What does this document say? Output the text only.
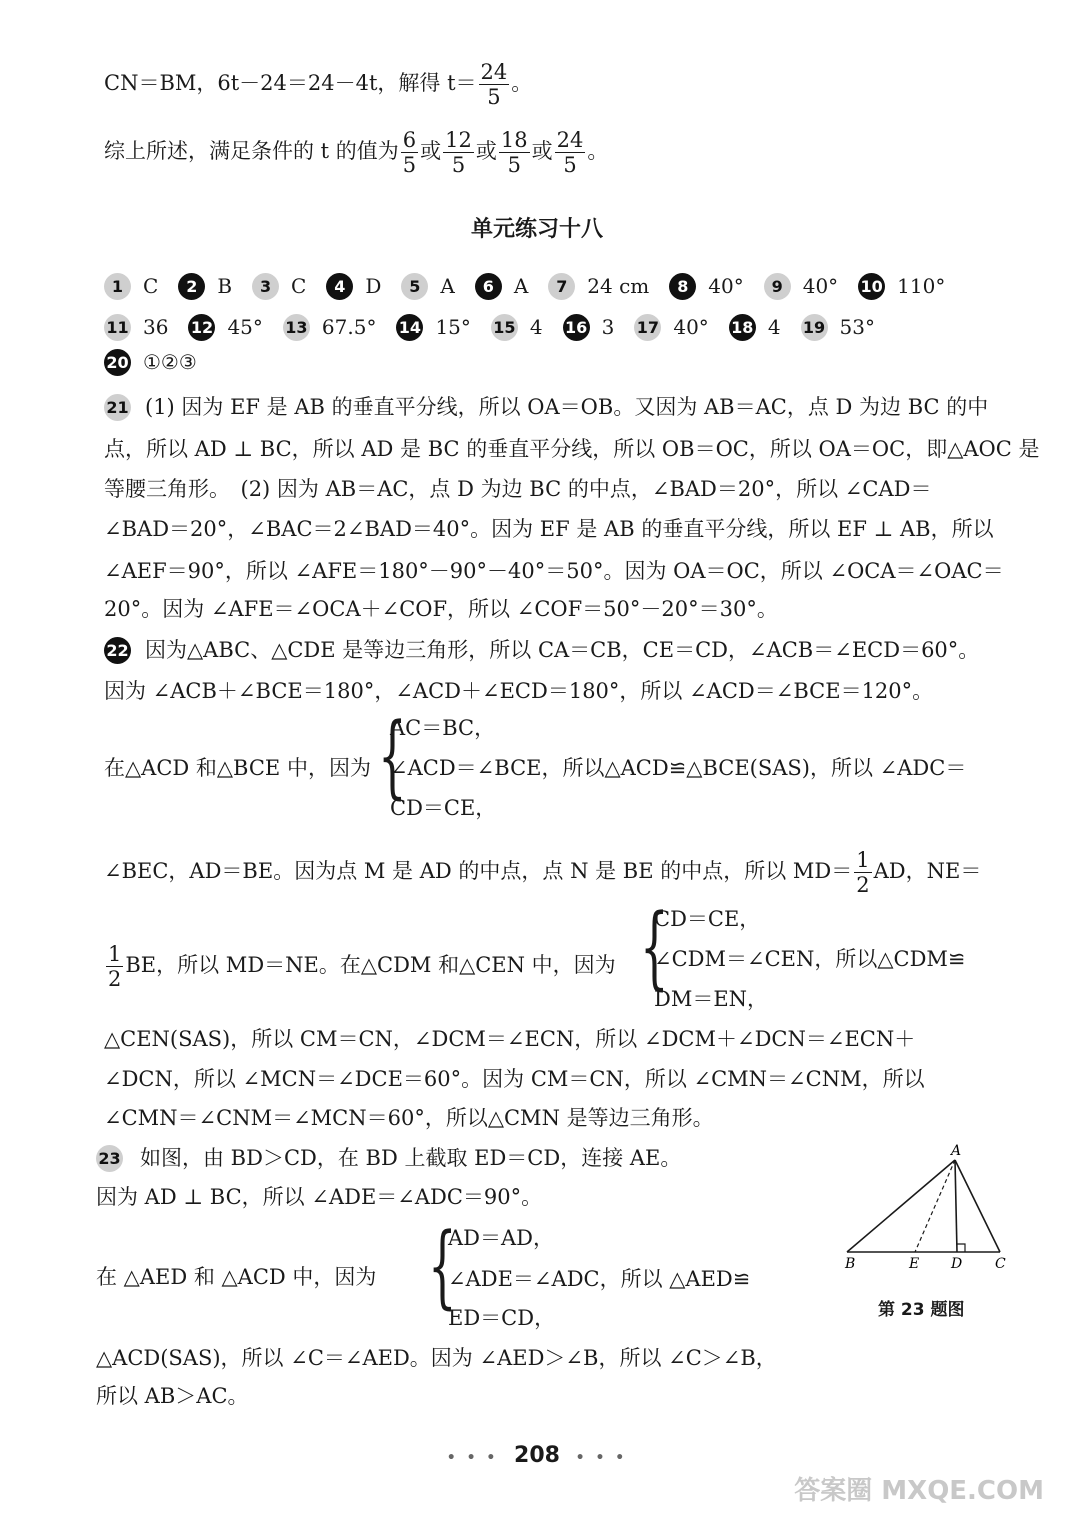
CN＝BM，6t－24＝24－4t，解得 $t= \frac{24}{5}$ 。
综上所述，满足条件的 t 的值为 $\frac{6}{5}$ 或 $\frac{12}{5}$ 或 $\frac{18}{5}$ 或 $\frac{24}{5}$ 。
单元练习十八
1 C	2 B	3 C	4 D	5 A	6 A	7 24 cm	8 40°	9 40° 10 110°
11 36 12 45° 13 67.5° 14 15° 15 4 16 3 17 40° 18 4 19 53°
20 ①②③
21 (1) 因为 EF 是 AB 的垂直平分线，所以 OA＝OB。又因为 AB＝AC，点 D 为边 BC 的中
点，所以 AD ⊥ BC，所以 AD 是 BC 的垂直平分线，所以 OB＝OC，所以 OA＝OC，即△AOC 是
等腰三角形。　(2) 因为 AB＝AC，点 D 为边 BC 的中点，∠BAD＝20°，所以 ∠CAD＝
∠BAD＝20°，∠BAC＝2∠BAD＝40°。因为 EF 是 AB 的垂直平分线，所以 EF ⊥ AB，所以
∠AEF＝90°，所以 ∠AFE＝180°－90°－40°＝50°。因为 OA＝OC，所以 ∠OCA＝∠OAC＝
20°。因为 ∠AFE＝∠OCA＋∠COF，所以 ∠COF＝50°－20°＝30°。
22 因为△ABC、△CDE 是等边三角形，所以 CA＝CB，CE＝CD，∠ACB＝∠ECD＝60°。
因为 ∠ACB＋∠BCE＝180°，∠ACD＋∠ECD＝180°，所以 ∠ACD＝∠BCE＝120°。
在△ACD 和△BCE 中，因为 {
AC＝BC，
∠ACD＝∠BCE，所以△ACD≌△BCE(SAS)，所以 ∠ADC＝
CD＝CE，
∠BEC，AD＝BE。因为点 M 是 AD 的中点，点 N 是 BE 的中点，所以 $MD= \frac{1}{2}$ AD，NE＝
$\frac{1}{2}$ BE，所以 MD＝NE。在△CDM 和△CEN 中，因为 {
CD＝CE，
∠CDM＝∠CEN，所以△CDM≌
DM＝EN，
△CEN(SAS)，所以 CM＝CN，∠DCM＝∠ECN，所以 ∠DCM＋∠DCN＝∠ECN＋
∠DCN，所以 ∠MCN＝∠DCE＝60°。因为 CM＝CN，所以 ∠CMN＝∠CNM，所以
∠CMN＝∠CNM＝∠MCN＝60°，所以△CMN 是等边三角形。
23 如图，由 BD＞CD，在 BD 上截取 ED＝CD，连接 AE。
因为 AD ⊥ BC，所以 ∠ADE＝∠ADC＝90°。
在 △AED 和 △ACD 中，因为 {
AD＝AD，
∠ADE＝∠ADC，所以 △AED≌
ED＝CD，
△ACD(SAS)，所以 ∠C＝∠AED。因为 ∠AED＞∠B，所以 ∠C＞∠B，
所以 AB＞AC。
A
B	E D C
第 23 题图
• • • 208 • • •
答案圈 MXQE.COM
